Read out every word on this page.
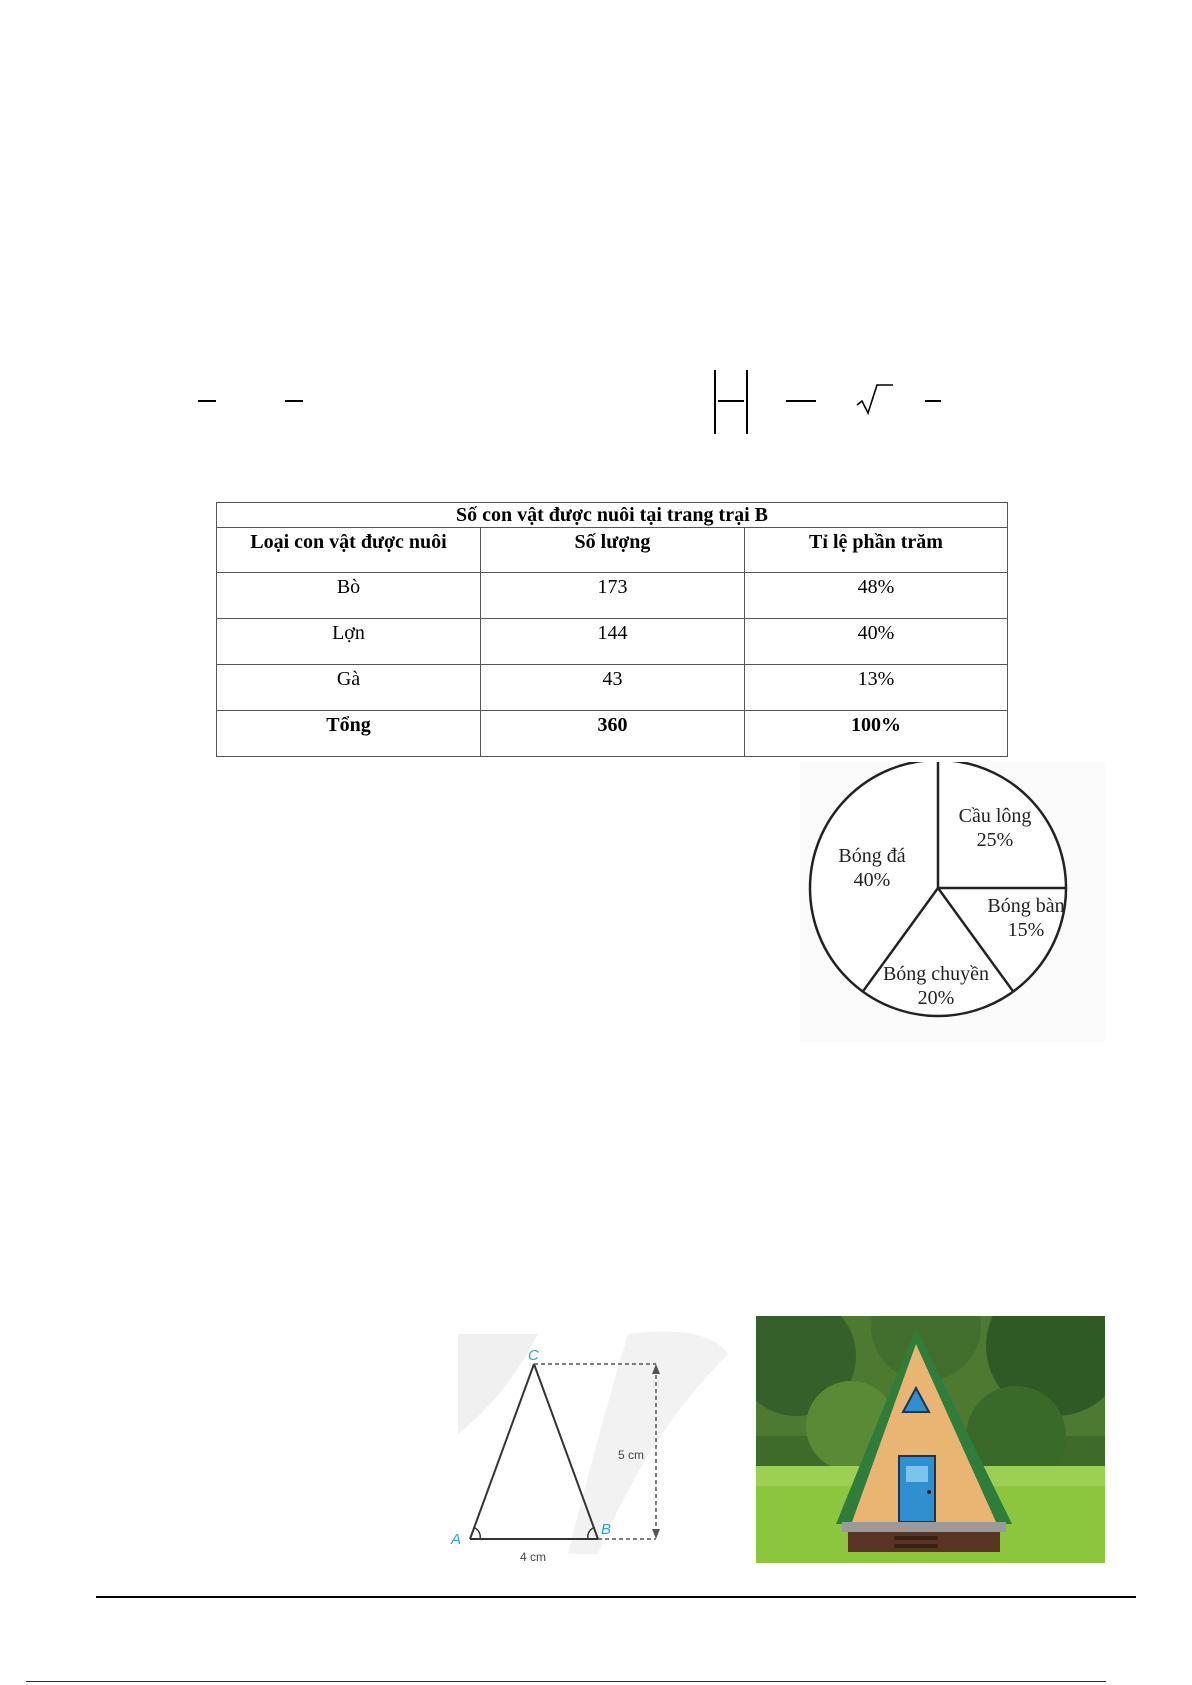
Số con vật được nuôi tại trang trại B		
Loại con vật được nuôi	Số lượng	Tỉ lệ phần trăm
Bò	173	48%
Lợn	144	40%
Gà	43	13%
Tổng	360	100%
Cầu lông
25%
Bóng bàn
15%
Bóng chuyền
20%
Bóng đá
40%
C
A
B
4 cm
5 cm
